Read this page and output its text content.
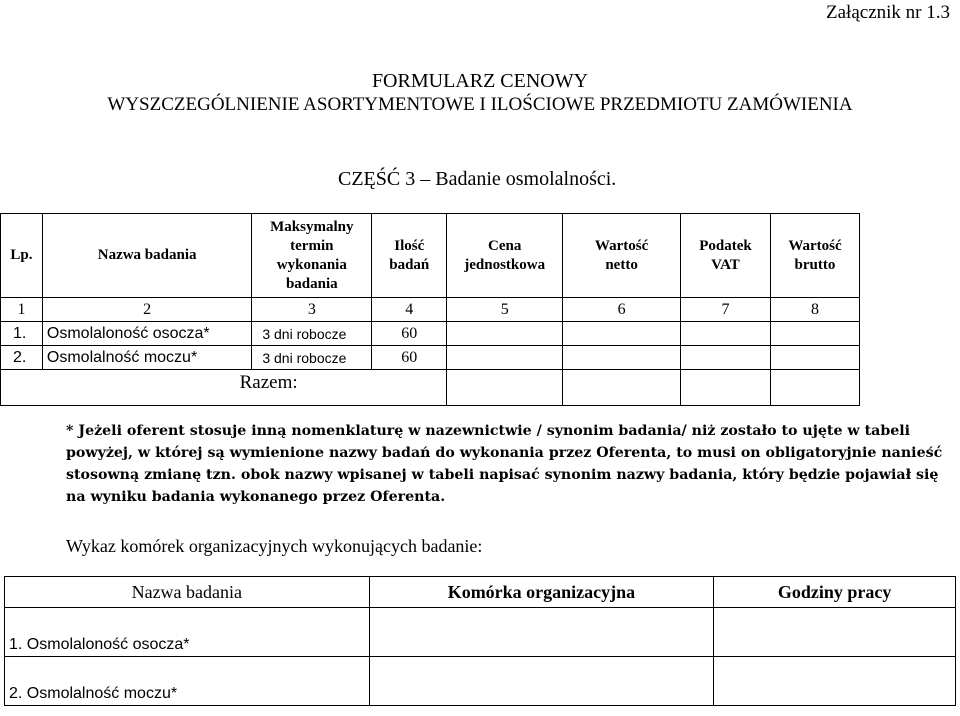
Załącznik nr 1.3
FORMULARZ CENOWY
WYSZCZEGÓLNIENIE ASORTYMENTOWE I ILOŚCIOWE PRZEDMIOTU ZAMÓWIENIA
CZĘŚĆ 3 – Badanie osmolalności.
Lp.	Nazwa badania	Maksymalny termin wykonania badania	Ilość badań	Cena jednostkowa	Wartość netto	Podatek VAT	Wartość brutto
1	2	3	4	5	6	7	8
1.	Osmolalоność osocza*	3 dni robocze	60				
2.	Osmolalność moczu*	3 dni robocze	60				
Razem:							
* Jeżeli oferent stosuje inną nomenklaturę w nazewnictwie / synonim badania/ niż zostało to ujęte w tabeli powyżej, w której są wymienione nazwy badań do wykonania przez Oferenta, to musi on obligatoryjnie nanieść stosowną zmianę tzn. obok nazwy wpisanej w tabeli napisać synonim nazwy badania, który będzie pojawiał się na wyniku badania wykonanego przez Oferenta.
Wykaz komórek organizacyjnych wykonujących badanie:
Nazwa badania	Komórka organizacyjna	Godziny pracy
1. Osmolalоność osocza*		
2. Osmolalność moczu*		
